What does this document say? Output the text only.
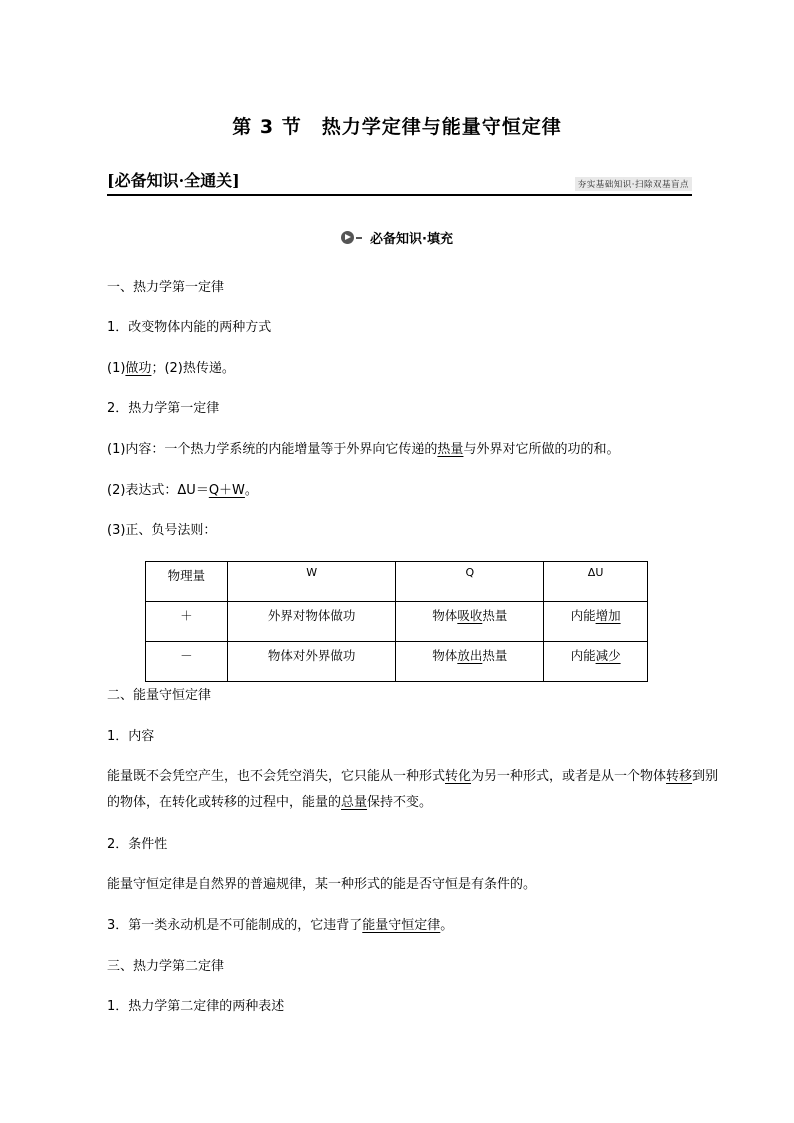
第 3 节　热力学定律与能量守恒定律
[必备知识·全通关]	夯实基础知识·扫除双基盲点
必备知识·填充
一、热力学第一定律
1．改变物体内能的两种方式
(1)做功；(2)热传递。
2．热力学第一定律
(1)内容：一个热力学系统的内能增量等于外界向它传递的热量与外界对它所做的功的和。
(2)表达式：ΔU＝Q＋W。
(3)正、负号法则：
物理量	W	Q	ΔU
＋	外界对物体做功	物体吸收热量	内能增加
－	物体对外界做功	物体放出热量	内能减少
二、能量守恒定律
1．内容
能量既不会凭空产生，也不会凭空消失，它只能从一种形式转化为另一种形式，或者是从一个物体转移到别的物体，在转化或转移的过程中，能量的总量保持不变。
2．条件性
能量守恒定律是自然界的普遍规律，某一种形式的能是否守恒是有条件的。
3．第一类永动机是不可能制成的，它违背了能量守恒定律。
三、热力学第二定律
1．热力学第二定律的两种表述
